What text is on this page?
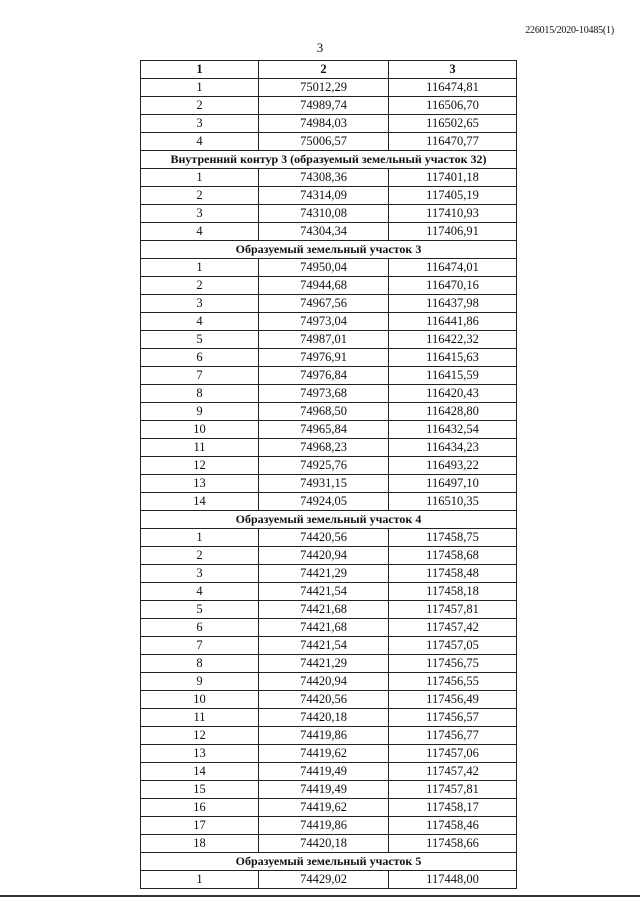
226015/2020-10485(1)
3
1	2	3
1	75012,29	116474,81
2	74989,74	116506,70
3	74984,03	116502,65
4	75006,57	116470,77
Внутренний контур 3 (образуемый земельный участок 32)		
1	74308,36	117401,18
2	74314,09	117405,19
3	74310,08	117410,93
4	74304,34	117406,91
Образуемый земельный участок 3		
1	74950,04	116474,01
2	74944,68	116470,16
3	74967,56	116437,98
4	74973,04	116441,86
5	74987,01	116422,32
6	74976,91	116415,63
7	74976,84	116415,59
8	74973,68	116420,43
9	74968,50	116428,80
10	74965,84	116432,54
11	74968,23	116434,23
12	74925,76	116493,22
13	74931,15	116497,10
14	74924,05	116510,35
Образуемый земельный участок 4		
1	74420,56	117458,75
2	74420,94	117458,68
3	74421,29	117458,48
4	74421,54	117458,18
5	74421,68	117457,81
6	74421,68	117457,42
7	74421,54	117457,05
8	74421,29	117456,75
9	74420,94	117456,55
10	74420,56	117456,49
11	74420,18	117456,57
12	74419,86	117456,77
13	74419,62	117457,06
14	74419,49	117457,42
15	74419,49	117457,81
16	74419,62	117458,17
17	74419,86	117458,46
18	74420,18	117458,66
Образуемый земельный участок 5		
1	74429,02	117448,00
